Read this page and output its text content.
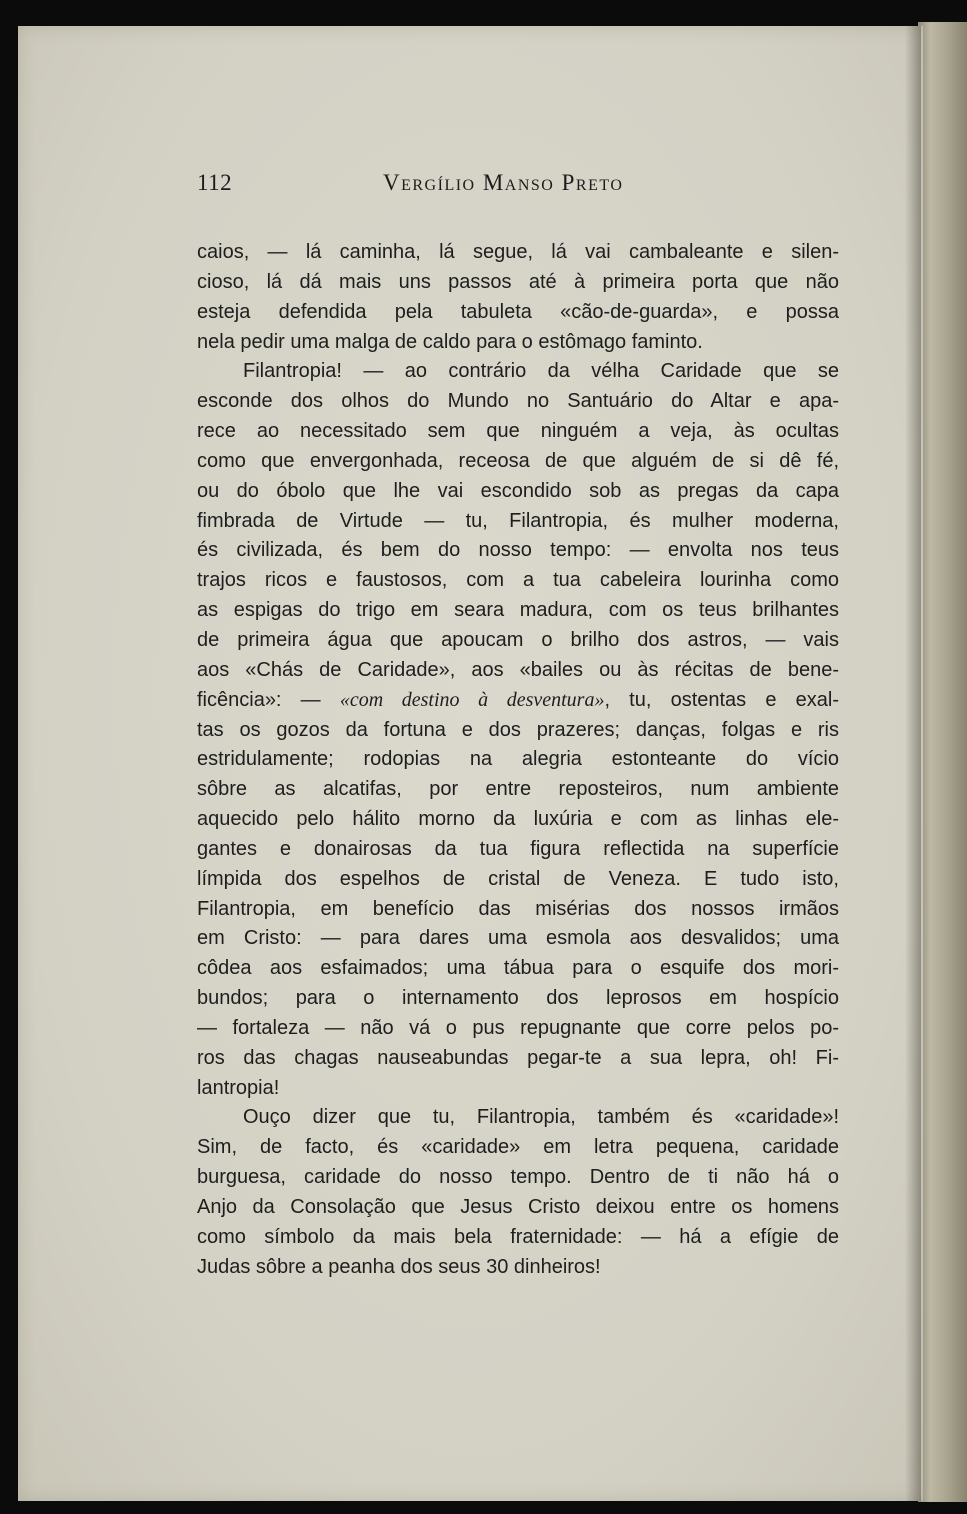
112	Vergílio Manso Preto
caios, — lá caminha, lá segue, lá vai cambaleante e silen-
cioso, lá dá mais uns passos até à primeira porta que não
esteja defendida pela tabuleta «cão-de-guarda», e possa
nela pedir uma malga de caldo para o estômago faminto.
Filantropia! — ao contrário da vélha Caridade que se
esconde dos olhos do Mundo no Santuário do Altar e apa-
rece ao necessitado sem que ninguém a veja, às ocultas
como que envergonhada, receosa de que alguém de si dê fé,
ou do óbolo que lhe vai escondido sob as pregas da capa
fimbrada de Virtude — tu, Filantropia, és mulher moderna,
és civilizada, és bem do nosso tempo: — envolta nos teus
trajos ricos e faustosos, com a tua cabeleira lourinha como
as espigas do trigo em seara madura, com os teus brilhantes
de primeira água que apoucam o brilho dos astros, — vais
aos «Chás de Caridade», aos «bailes ou às récitas de bene-
ficência»: — «com destino à desventura», tu, ostentas e exal-
tas os gozos da fortuna e dos prazeres; danças, folgas e ris
estridulamente; rodopias na alegria estonteante do vício
sôbre as alcatifas, por entre reposteiros, num ambiente
aquecido pelo hálito morno da luxúria e com as linhas ele-
gantes e donairosas da tua figura reflectida na superfície
límpida dos espelhos de cristal de Veneza. E tudo isto,
Filantropia, em benefício das misérias dos nossos irmãos
em Cristo: — para dares uma esmola aos desvalidos; uma
côdea aos esfaimados; uma tábua para o esquife dos mori-
bundos; para o internamento dos leprosos em hospício
— fortaleza — não vá o pus repugnante que corre pelos po-
ros das chagas nauseabundas pegar-te a sua lepra, oh! Fi-
lantropia!
Ouço dizer que tu, Filantropia, também és «caridade»!
Sim, de facto, és «caridade» em letra pequena, caridade
burguesa, caridade do nosso tempo. Dentro de ti não há o
Anjo da Consolação que Jesus Cristo deixou entre os homens
como símbolo da mais bela fraternidade: — há a efígie de
Judas sôbre a peanha dos seus 30 dinheiros!
